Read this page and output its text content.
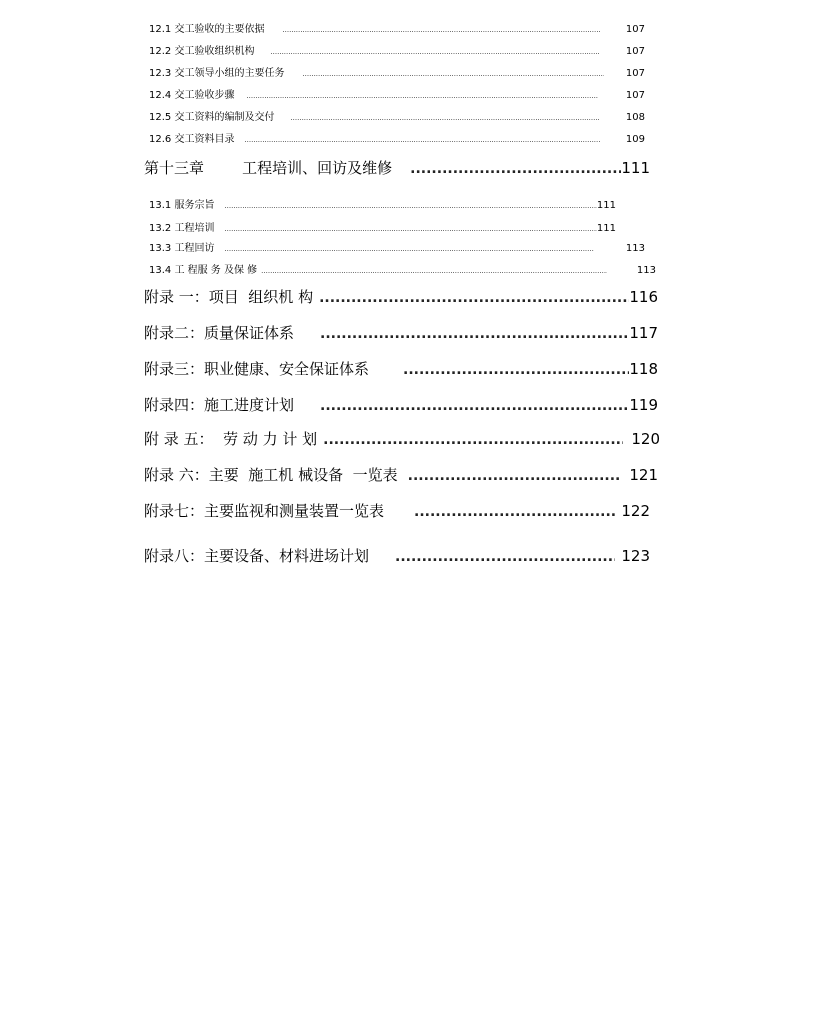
12.1 交工验收的主要依据 .....	107
12.2 交工验收组织机构 .....	107
12.3 交工领导小组的主要任务 .....	107
12.4 交工验收步骤 .....	107
12.5 交工资料的编制及交付 .....	108
12.6 交工资料目录 .....	109
第十三章        工程培训、回访及维修 .....	111
13.1 服务宗旨 .....	111
13.2 工程培训 .....	111
13.3 工程回访 .....	113
13.4 工 程服 务 及保 修 .....	113
附录 一：项目  组织机 构 .....	116
附录二：质量保证体系 .....	117
附录三：职业健康、安全保证体系 .....	118
附录四：施工进度计划 .....	119
附 录 五：  劳 动 力 计 划 .....	120
附录 六：主要  施工机 械设备  一览表 .....	121
附录七：主要监视和测量装置一览表 .....	122
附录八：主要设备、材料进场计划 .....	123
